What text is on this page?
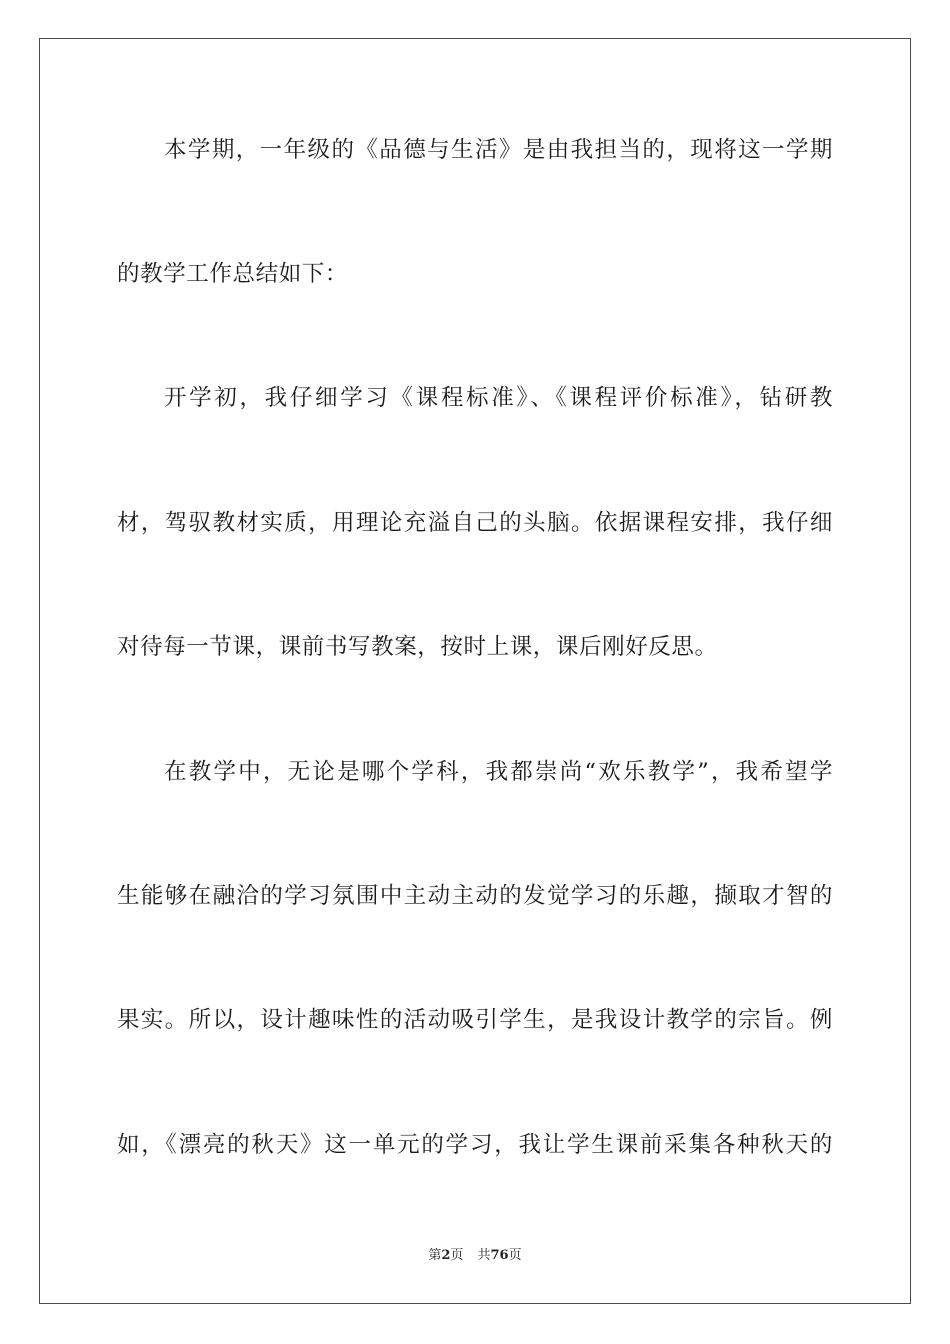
本学期，一年级的《品德与生活》是由我担当的，现将这一学期
的教学工作总结如下：
开学初，我仔细学习《课程标准》、《课程评价标准》，钻研教
材，驾驭教材实质，用理论充溢自己的头脑。依据课程安排，我仔细
对待每一节课，课前书写教案，按时上课，课后刚好反思。
在教学中，无论是哪个学科，我都崇尚“欢乐教学”，我希望学
生能够在融洽的学习氛围中主动主动的发觉学习的乐趣，撷取才智的
果实。所以，设计趣味性的活动吸引学生，是我设计教学的宗旨。例
如，《漂亮的秋天》这一单元的学习，我让学生课前采集各种秋天的
第2页 共76页
